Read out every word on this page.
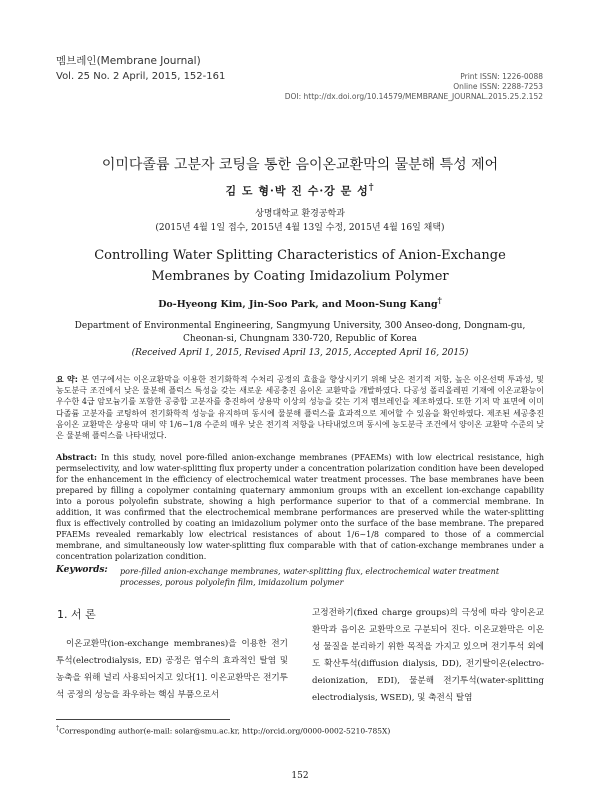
멤브레인(Membrane Journal)
Vol. 25 No. 2 April, 2015, 152-161	Print ISSN: 1226-0088
Online ISSN: 2288-7253
DOI: http://dx.doi.org/10.14579/MEMBRANE_JOURNAL.2015.25.2.152
이미다졸륨 고분자 코팅을 통한 음이온교환막의 물분해 특성 제어
김 도 형·박 진 수·강 문 성†
상명대학교 환경공학과
(2015년 4월 1일 접수, 2015년 4월 13일 수정, 2015년 4월 16일 채택)
Controlling Water Splitting Characteristics of Anion-Exchange Membranes by Coating Imidazolium Polymer
Do-Hyeong Kim, Jin-Soo Park, and Moon-Sung Kang†
Department of Environmental Engineering, Sangmyung University, 300 Anseo-dong, Dongnam-gu, Cheonan-si, Chungnam 330-720, Republic of Korea
(Received April 1, 2015, Revised April 13, 2015, Accepted April 16, 2015)
요 약: 본 연구에서는 이온교환막을 이용한 전기화학적 수처리 공정의 효율을 향상시키기 위해 낮은 전기적 저항, 높은 이온선택 투과성, 및 농도분극 조건에서 낮은 물분해 플럭스 특성을 갖는 새로운 세공충진 음이온 교환막을 개발하였다. 다공성 폴리올레핀 기재에 이온교환능이 우수한 4급 암모늄기를 포함한 공중합 고분자를 충진하여 상용막 이상의 성능을 갖는 기저 멤브레인을 제조하였다. 또한 기저 막 표면에 이미다졸륨 고분자를 코팅하여 전기화학적 성능을 유지하며 동시에 물분해 플럭스를 효과적으로 제어할 수 있음을 확인하였다. 제조된 세공충진 음이온 교환막은 상용막 대비 약 1/6~1/8 수준의 매우 낮은 전기적 저항을 나타내었으며 동시에 농도분극 조건에서 양이온 교환막 수준의 낮은 물분해 플럭스를 나타내었다.
Abstract: In this study, novel pore-filled anion-exchange membranes (PFAEMs) with low electrical resistance, high permselectivity, and low water-splitting flux property under a concentration polarization condition have been developed for the enhancement in the efficiency of electrochemical water treatment processes. The base membranes have been prepared by filling a copolymer containing quaternary ammonium groups with an excellent ion-exchange capability into a porous polyolefin substrate, showing a high performance superior to that of a commercial membrane. In addition, it was confirmed that the electrochemical membrane performances are preserved while the water-splitting flux is effectively controlled by coating an imidazolium polymer onto the surface of the base membrane. The prepared PFAEMs revealed remarkably low electrical resistances of about 1/6~1/8 compared to those of a commercial membrane, and simultaneously low water-splitting flux comparable with that of cation-exchange membranes under a concentration polarization condition.
Keywords: pore-filled anion-exchange membranes, water-splitting flux, electrochemical water treatment processes, porous polyolefin film, imidazolium polymer
1. 서 론
이온교환막(ion-exchange membranes)을 이용한 전기투석(electrodialysis, ED) 공정은 염수의 효과적인 탈염 및 농축을 위해 널리 사용되어지고 있다[1]. 이온교환막은 전기투석 공정의 성능을 좌우하는 핵심 부품으로서
고정전하기(fixed charge groups)의 극성에 따라 양이온교환막과 음이온 교환막으로 구분되어 진다. 이온교환막은 이온성 물질을 분리하기 위한 목적을 가지고 있으며 전기투석 외에도 확산투석(diffusion dialysis, DD), 전기탈이온(electro-deionization, EDI), 물분해 전기투석(water-splitting electrodialysis, WSED), 및 축전식 탈염
†Corresponding author(e-mail: solar@smu.ac.kr, http://orcid.org/0000-0002-5210-785X)
152
